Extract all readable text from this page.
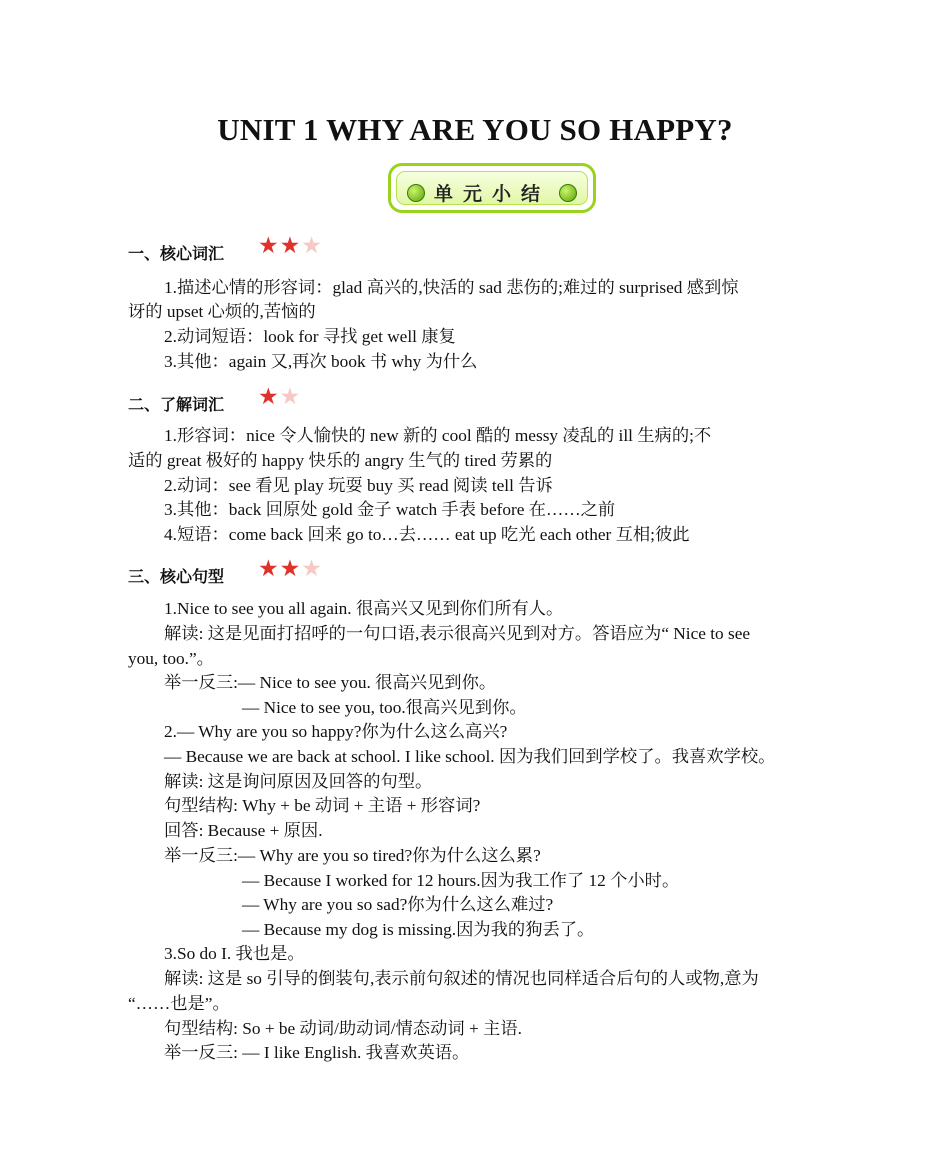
UNIT 1 WHY ARE YOU SO HAPPY?
单元小结
一、核心词汇 ★ ★ ★
二、了解词汇 ★ ★
三、核心句型 ★ ★ ★
1.描述心情的形容词：glad 高兴的,快活的 sad 悲伤的;难过的 surprised 感到惊
讶的 upset 心烦的,苦恼的
2.动词短语：look for 寻找 get well 康复
3.其他：again 又,再次 book 书 why 为什么
1.形容词：nice 令人愉快的 new 新的 cool 酷的 messy 凌乱的 ill 生病的;不
适的 great 极好的 happy 快乐的 angry 生气的 tired 劳累的
2.动词：see 看见 play 玩耍 buy 买 read 阅读 tell 告诉
3.其他：back 回原处 gold 金子 watch 手表 before 在……之前
4.短语：come back 回来 go to…去…… eat up 吃光 each other 互相;彼此
1.Nice to see you all again. 很高兴又见到你们所有人。
解读: 这是见面打招呼的一句口语,表示很高兴见到对方。答语应为“ Nice to see
you, too.”。
举一反三:— Nice to see you. 很高兴见到你。
— Nice to see you, too.很高兴见到你。
2.— Why are you so happy?你为什么这么高兴?
— Because we are back at school. I like school. 因为我们回到学校了。我喜欢学校。
解读: 这是询问原因及回答的句型。
句型结构: Why + be 动词 + 主语 + 形容词?
回答: Because + 原因.
举一反三:— Why are you so tired?你为什么这么累?
— Because I worked for 12 hours.因为我工作了 12 个小时。
— Why are you so sad?你为什么这么难过?
— Because my dog is missing.因为我的狗丢了。
3.So do I. 我也是。
解读: 这是 so 引导的倒装句,表示前句叙述的情况也同样适合后句的人或物,意为
“……也是”。
句型结构: So + be 动词/助动词/情态动词 + 主语.
举一反三: — I like English. 我喜欢英语。
